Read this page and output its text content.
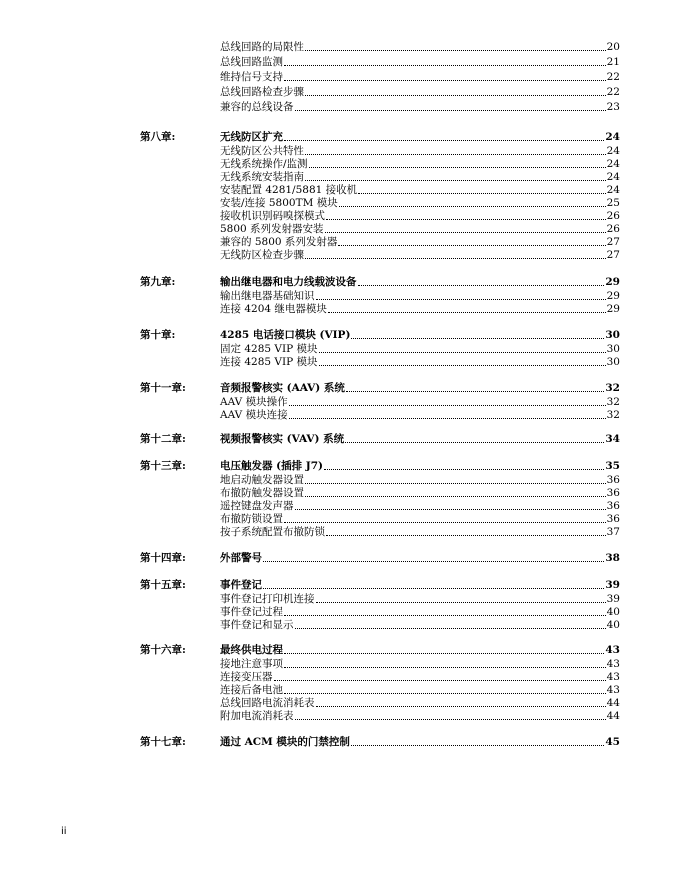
总线回路的局限性	20
总线回路监测	21
维持信号支持	22
总线回路检查步骤	22
兼容的总线设备	23
第八章:	无线防区扩充	24
无线防区公共特性	24
无线系统操作/监测	24
无线系统安装指南	24
安装配置 4281/5881 接收机	24
安装/连接 5800TM 模块	25
接收机识别码嗅探模式	26
5800 系列发射器安装	26
兼容的 5800 系列发射器	27
无线防区检查步骤	27
第九章:	输出继电器和电力线载波设备	29
输出继电器基础知识	29
连接 4204 继电器模块	29
第十章:	4285 电话接口模块 (VIP)	30
固定 4285 VIP 模块	30
连接 4285 VIP 模块	30
第十一章:	音频报警核实 (AAV) 系统	32
AAV 模块操作	32
AAV 模块连接	32
第十二章:	视频报警核实 (VAV) 系统	34
第十三章:	电压触发器 (插排 J7)	35
地启动触发器设置	36
布撤防触发器设置	36
遥控键盘发声器	36
布撤防锁设置	36
按子系统配置布撤防锁	37
第十四章:	外部警号	38
第十五章:	事件登记	39
事件登记打印机连接	39
事件登记过程	40
事件登记和显示	40
第十六章:	最终供电过程	43
接地注意事项	43
连接变压器	43
连接后备电池	43
总线回路电流消耗表	44
附加电流消耗表	44
第十七章:	通过 ACM 模块的门禁控制	45
ii
